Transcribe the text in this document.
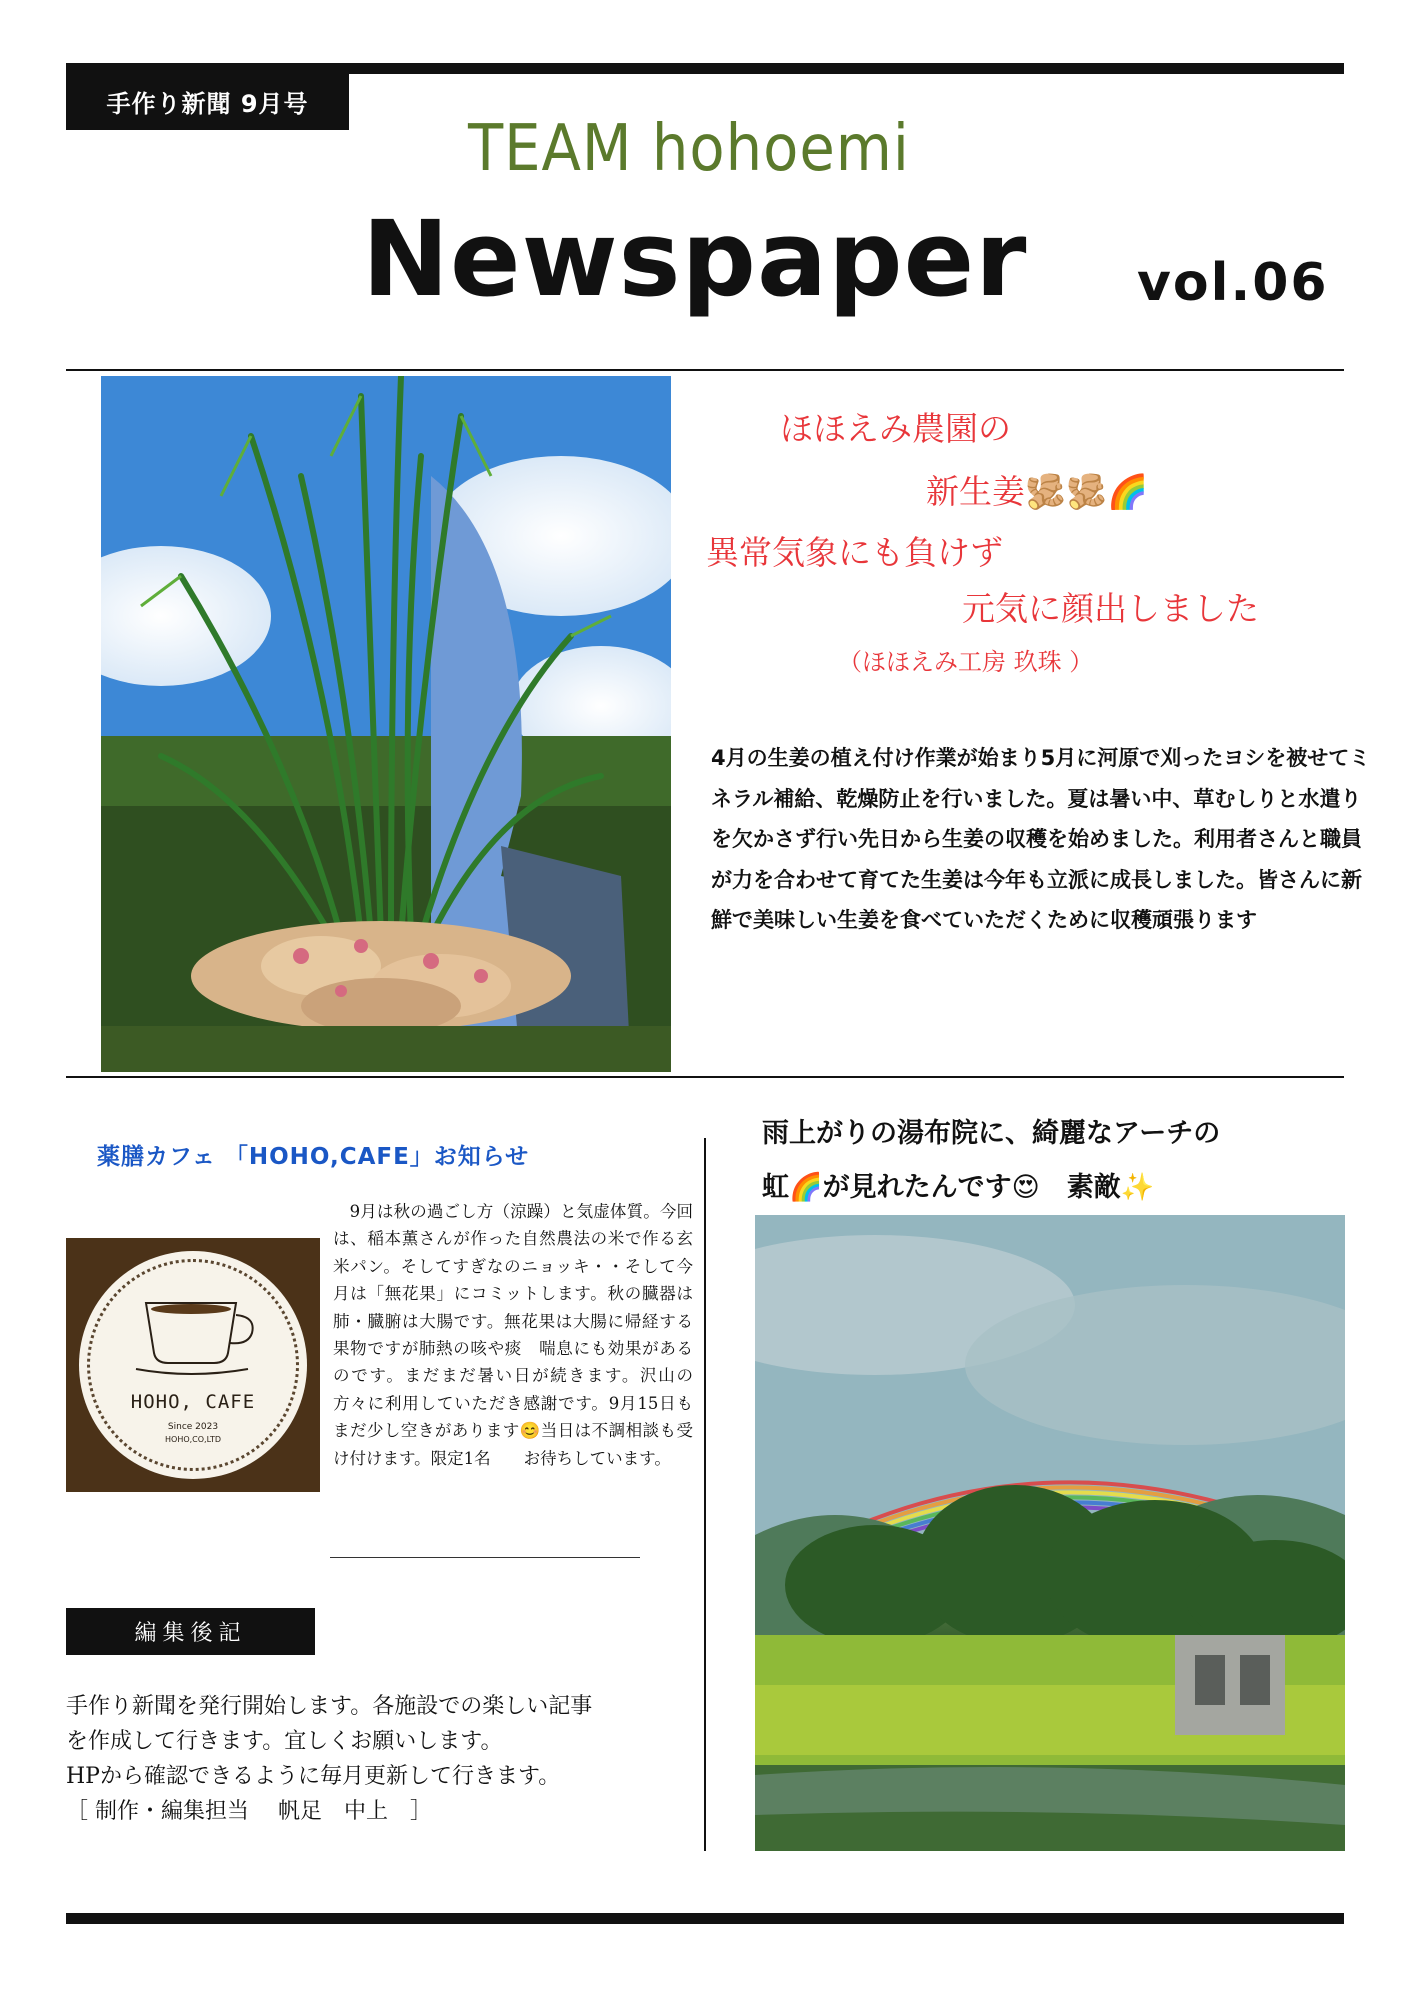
手作り新聞 9月号
TEAM hohoemi
Newspaper vol.06
ほほえみ農園の
新生姜🫚🫚🌈
異常気象にも負けず
元気に顔出しました
（ほほえみ工房 玖珠 ）
4月の生姜の植え付け作業が始まり5月に河原で刈ったヨシを被せてミネラル補給、乾燥防止を行いました。夏は暑い中、草むしりと水遣りを欠かさず行い先日から生姜の収穫を始めました。利用者さんと職員が力を合わせて育てた生姜は今年も立派に成長しました。皆さんに新鮮で美味しい生姜を食べていただくために収穫頑張ります
薬膳カフェ 「HOHO,CAFE」お知らせ
HOHO, CAFE
Since 2023
HOHO,CO,LTD
　9月は秋の過ごし方（涼躁）と気虚体質。今回は、稲本薫さんが作った自然農法の米で作る玄米パン。そしてすぎなのニョッキ・・そして今月は「無花果」にコミットします。秋の臓器は肺・臓腑は大腸です。無花果は大腸に帰経する果物ですが肺熱の咳や痰　喘息にも効果があるのです。まだまだ暑い日が続きます。沢山の方々に利用していただき感謝です。9月15日もまだ少し空きがあります😊当日は不調相談も受け付けます。限定1名　　お待ちしています。
編集後記
手作り新聞を発行開始します。各施設での楽しい記事
を作成して行きます。宜しくお願いします。
HPから確認できるように毎月更新して行きます。
［ 制作・編集担当　 帆足　中上　］
雨上がりの湯布院に、綺麗なアーチの
虹🌈が見れたんです😍　素敵✨
